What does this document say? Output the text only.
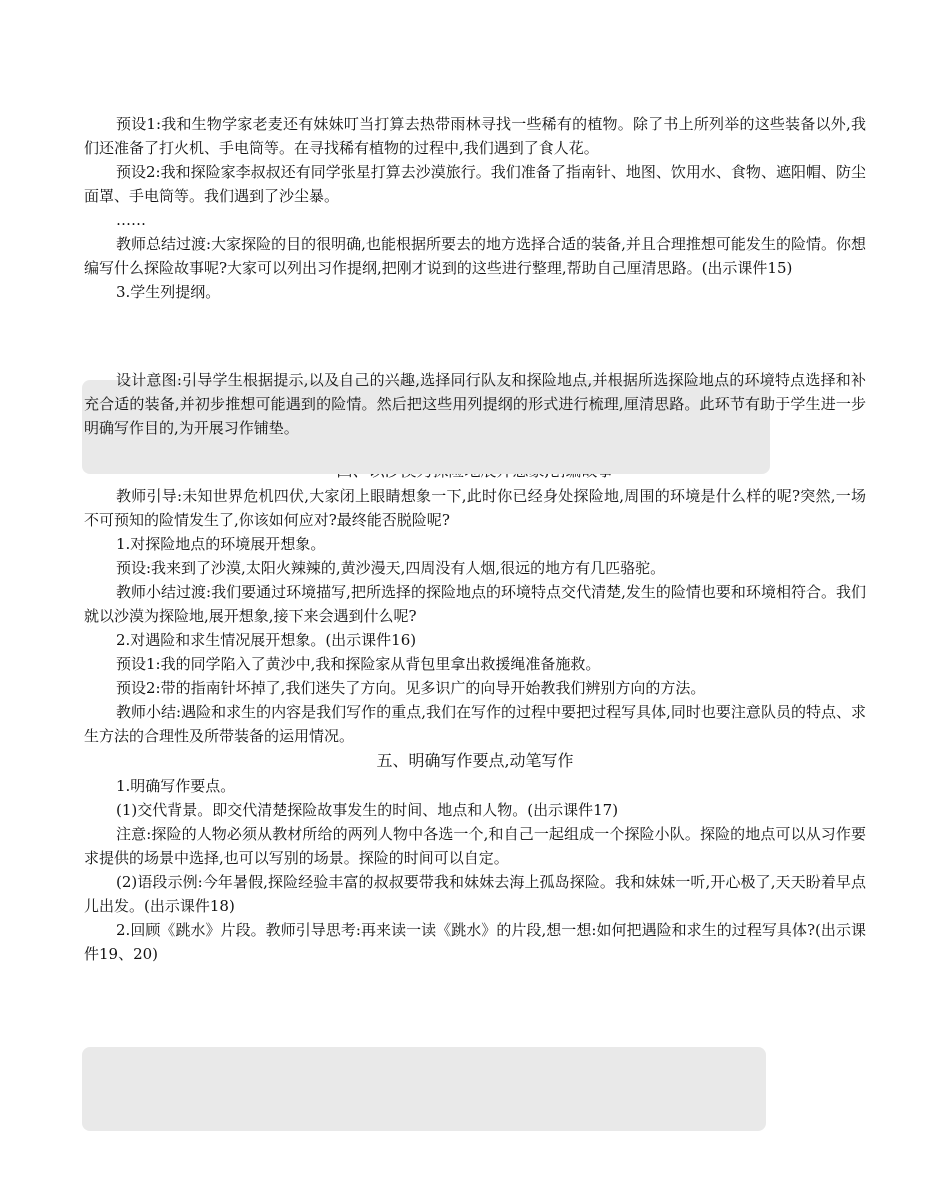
预设1:我和生物学家老麦还有妹妹叮当打算去热带雨林寻找一些稀有的植物。除了书上所列举的这些装备以外,我们还准备了打火机、手电筒等。在寻找稀有植物的过程中,我们遇到了食人花。

预设2:我和探险家李叔叔还有同学张星打算去沙漠旅行。我们准备了指南针、地图、饮用水、食物、遮阳帽、防尘面罩、手电筒等。我们遇到了沙尘暴。

……

教师总结过渡:大家探险的目的很明确,也能根据所要去的地方选择合适的装备,并且合理推想可能发生的险情。你想编写什么探险故事呢?大家可以列出习作提纲,把刚才说到的这些进行整理,帮助自己厘清思路。(出示课件15)

3.学生列提纲。

设计意图:引导学生根据提示,以及自己的兴趣,选择同行队友和探险地点,并根据所选探险地点的环境特点选择和补充合适的装备,并初步推想可能遇到的险情。然后把这些用列提纲的形式进行梳理,厘清思路。此环节有助于学生进一步明确写作目的,为开展习作铺垫。

教师引导:未知世界危机四伏,大家闭上眼睛想象一下,此时你已经身处探险地,周围的环境是什么样的呢?突然,一场不可预知的险情发生了,你该如何应对?最终能否脱险呢?

1.对探险地点的环境展开想象。

预设:我来到了沙漠,太阳火辣辣的,黄沙漫天,四周没有人烟,很远的地方有几匹骆驼。

教师小结过渡:我们要通过环境描写,把所选择的探险地点的环境特点交代清楚,发生的险情也要和环境相符合。我们就以沙漠为探险地,展开想象,接下来会遇到什么呢?

2.对遇险和求生情况展开想象。(出示课件16)

预设1:我的同学陷入了黄沙中,我和探险家从背包里拿出救援绳准备施救。

预设2:带的指南针坏掉了,我们迷失了方向。见多识广的向导开始教我们辨别方向的方法。

教师小结:遇险和求生的内容是我们写作的重点,我们在写作的过程中要把过程写具体,同时也要注意队员的特点、求生方法的合理性及所带装备的运用情况。

五、明确写作要点,动笔写作

1.明确写作要点。

(1)交代背景。即交代清楚探险故事发生的时间、地点和人物。(出示课件17)

注意:探险的人物必须从教材所给的两列人物中各选一个,和自己一起组成一个探险小队。探险的地点可以从习作要求提供的场景中选择,也可以写别的场景。探险的时间可以自定。

(2)语段示例:今年暑假,探险经验丰富的叔叔要带我和妹妹去海上孤岛探险。我和妹妹一听,开心极了,天天盼着早点儿出发。(出示课件18)

2.回顾《跳水》片段。教师引导思考:再来读一读《跳水》的片段,想一想:如何把遇险和求生的过程写具体?(出示课件19、20)
